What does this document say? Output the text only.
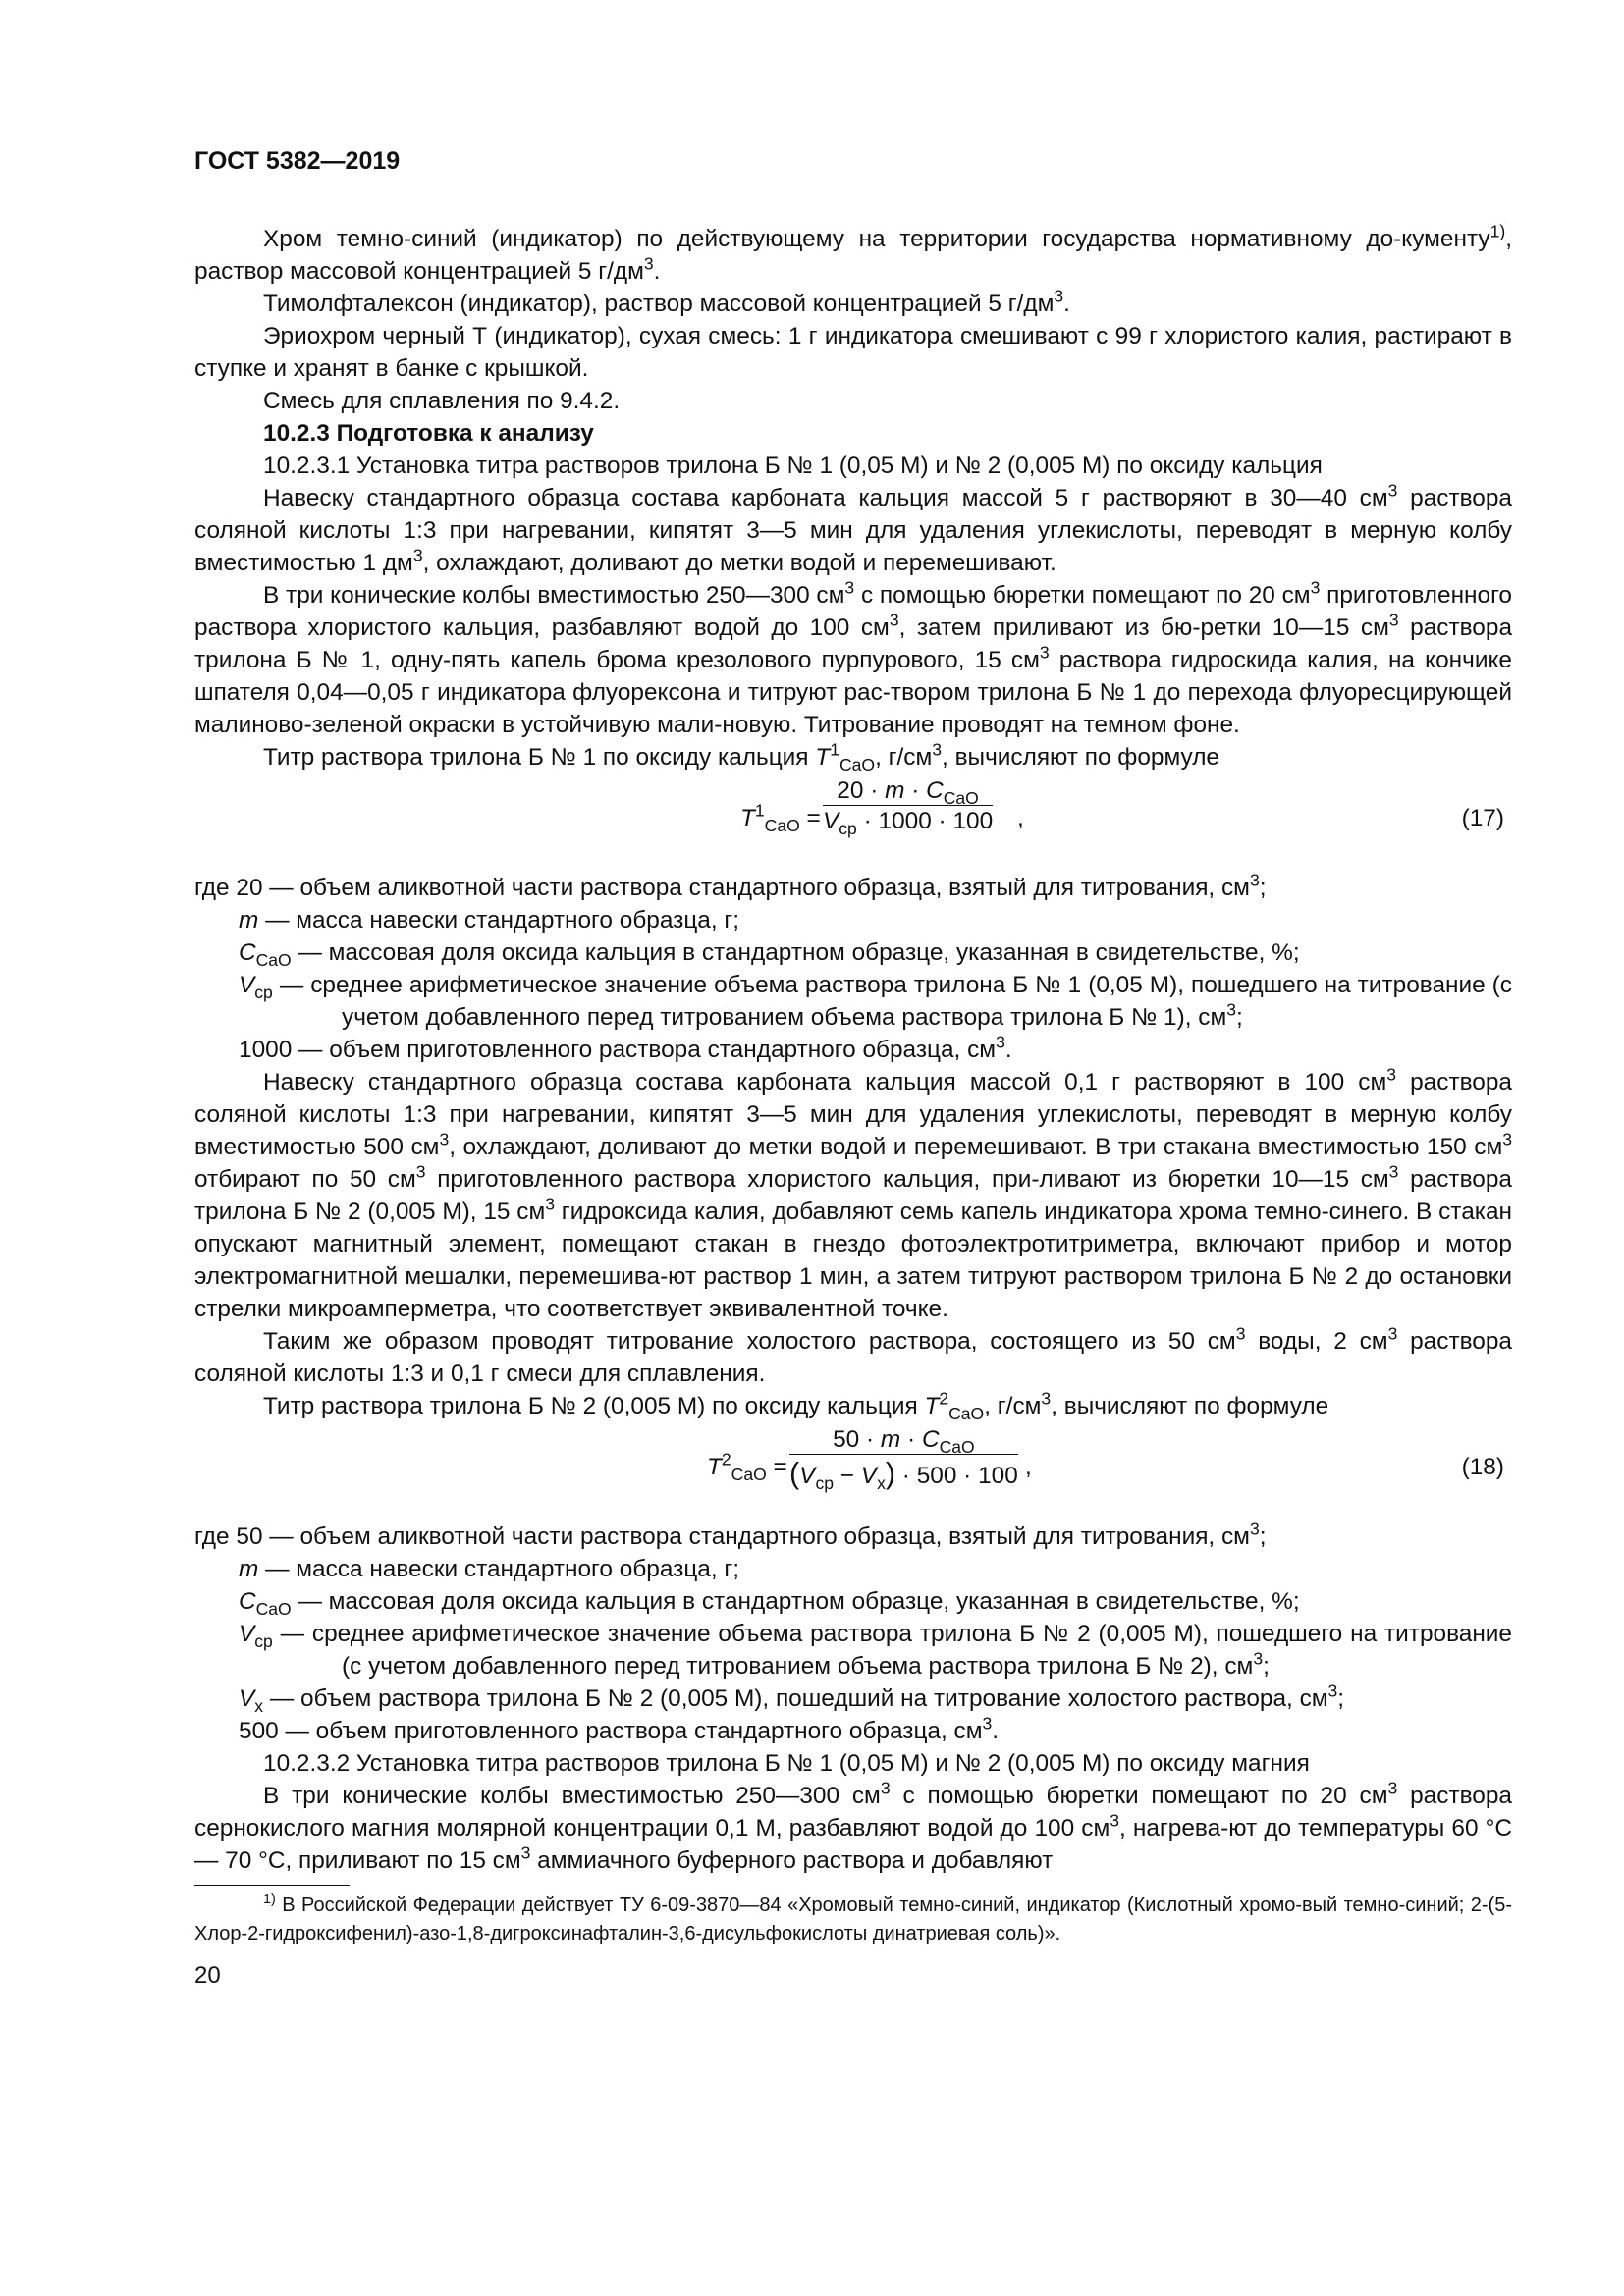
ГОСТ 5382—2019

Хром темно-синий (индикатор) по действующему на территории государства нормативному до-кументу$^{1)}$, раствор массовой концентрацией 5 $г/дм^3$.

Тимолфталексон (индикатор), раствор массовой концентрацией 5 $г/дм^3$.

Эриохром черный Т (индикатор), сухая смесь: 1 г индикатора смешивают с 99 г хлористого калия, растирают в ступке и хранят в банке с крышкой.

Смесь для сплавления по 9.4.2.

10.2.3 Подготовка к анализу

10.2.3.1 Установка титра растворов трилона Б № 1 (0,05 М) и № 2 (0,005 М) по оксиду кальция

Навеску стандартного образца состава карбоната кальция массой 5 г растворяют в 30—40 $см^3$ раствора соляной кислоты 1:3 при нагревании, кипятят 3—5 мин для удаления углекислоты, переводят в мерную колбу вместимостью 1 $дм^3$, охлаждают, доливают до метки водой и перемешивают.

В три конические колбы вместимостью 250—300 $см^3$ с помощью бюретки помещают по 20 $см^3$ приготовленного раствора хлористого кальция, разбавляют водой до 100 $см^3$, затем приливают из бю-ретки 10—15 $см^3$ раствора трилона Б № 1, одну-пять капель брома крезолового пурпурового, 15 $см^3$ раствора гидроскида калия, на кончике шпателя 0,04—0,05 г индикатора флуорексона и титруют рас-твором трилона Б № 1 до перехода флуоресцирующей малиново-зеленой окраски в устойчивую мали-новую. Титрование проводят на темном фоне.

Титр раствора трилона Б № 1 по оксиду кальция $T^1_{CaO}$, $г/см^3$, вычисляют по формуле

$T^1_{CaO}$ =
$20 \cdot m \cdot C_{CaO}$
$V_{ср} \cdot 1000 \cdot 100$ ,	(17)

где 20 — объем аликвотной части раствора стандартного образца, взятый для титрования, $см^3$;

m — масса навески стандартного образца, г;

$C_{CaO}$ — массовая доля оксида кальция в стандартном образце, указанная в свидетельстве, %;

$V_{ср}$ — среднее арифметическое значение объема раствора трилона Б № 1 (0,05 М), пошедшего на титрование (с учетом добавленного перед титрованием объема раствора трилона Б № 1), $см^3$;

1000 — объем приготовленного раствора стандартного образца, $см^3$.

Навеску стандартного образца состава карбоната кальция массой 0,1 г растворяют в 100 $см^3$ раствора соляной кислоты 1:3 при нагревании, кипятят 3—5 мин для удаления углекислоты, переводят в мерную колбу вместимостью 500 $см^3$, охлаждают, доливают до метки водой и перемешивают. В три стакана вместимостью 150 $см^3$ отбирают по 50 $см^3$ приготовленного раствора хлористого кальция, при-ливают из бюретки 10—15 $см^3$ раствора трилона Б № 2 (0,005 М), 15 $см^3$ гидроксида калия, добавляют семь капель индикатора хрома темно-синего. В стакан опускают магнитный элемент, помещают стакан в гнездо фотоэлектротитриметра, включают прибор и мотор электромагнитной мешалки, перемешива-ют раствор 1 мин, а затем титруют раствором трилона Б № 2 до остановки стрелки микроамперметра, что соответствует эквивалентной точке.

Таким же образом проводят титрование холостого раствора, состоящего из 50 $см^3$ воды, 2 $см^3$ раствора соляной кислоты 1:3 и 0,1 г смеси для сплавления.

Титр раствора трилона Б № 2 (0,005 М) по оксиду кальция $T^2_{CaO}$, $г/см^3$, вычисляют по формуле

$T^2_{CaO}$ =
$50 \cdot m \cdot C_{CaO}$
$(V_{ср} - V_x) \cdot 500 \cdot 100$ ,	(18)

где 50 — объем аликвотной части раствора стандартного образца, взятый для титрования, $см^3$;

m — масса навески стандартного образца, г;

$C_{CaO}$ — массовая доля оксида кальция в стандартном образце, указанная в свидетельстве, %;

$V_{ср}$ — среднее арифметическое значение объема раствора трилона Б № 2 (0,005 М), пошедшего на титрование (с учетом добавленного перед титрованием объема раствора трилона Б № 2), $см^3$;

$V_x$ — объем раствора трилона Б № 2 (0,005 М), пошедший на титрование холостого раствора, $см^3$;

500 — объем приготовленного раствора стандартного образца, $см^3$.

10.2.3.2 Установка титра растворов трилона Б № 1 (0,05 М) и № 2 (0,005 М) по оксиду магния

В три конические колбы вместимостью 250—300 $см^3$ с помощью бюретки помещают по 20 $см^3$ раствора сернокислого магния молярной концентрации 0,1 М, разбавляют водой до 100 $см^3$, нагрева-ют до температуры 60 °С — 70 °С, приливают по 15 $см^3$ аммиачного буферного раствора и добавляют

$^{1)}$ В Российской Федерации действует ТУ 6-09-3870—84 «Хромовый темно-синий, индикатор (Кислотный хромо-вый темно-синий; 2-(5-Хлор-2-гидроксифенил)-азо-1,8-дигроксинафталин-3,6-дисульфокислоты динатриевая соль)».

20
